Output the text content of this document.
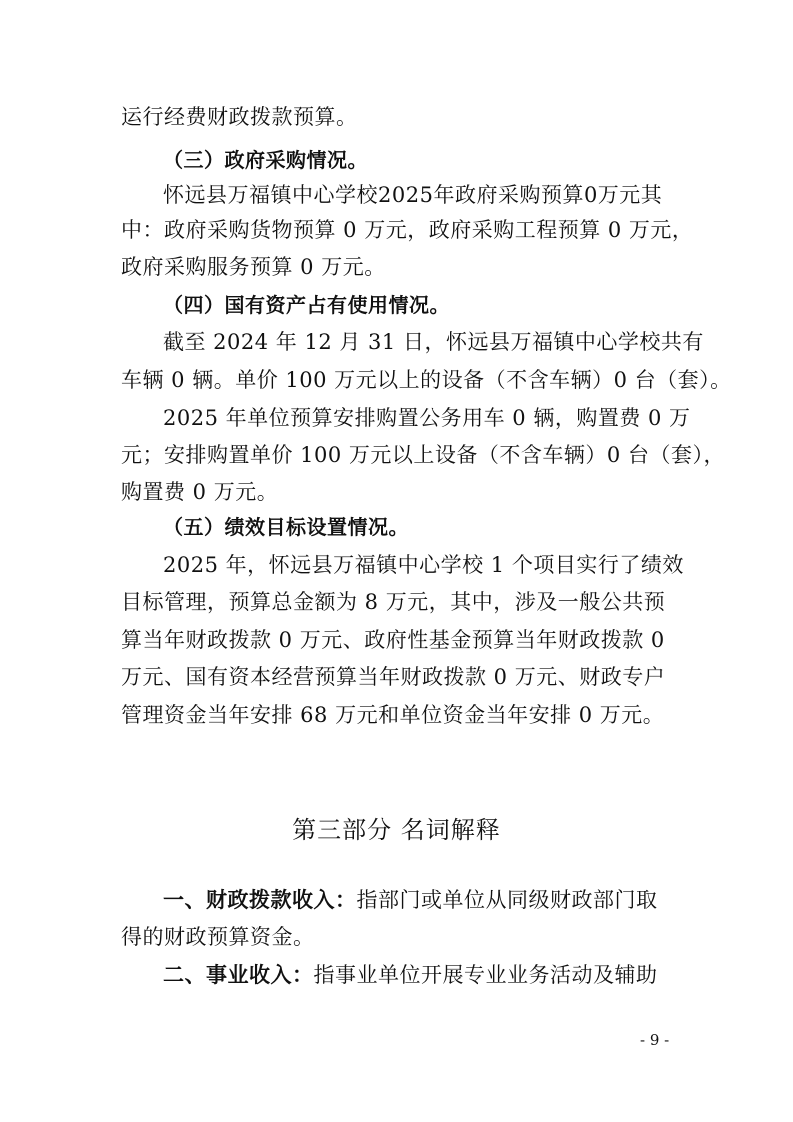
运行经费财政拨款预算。
（三）政府采购情况。
怀远县万福镇中心学校2025年政府采购预算0万元其
中：政府采购货物预算 0 万元，政府采购工程预算 0 万元，
政府采购服务预算 0 万元。
（四）国有资产占有使用情况。
截至 2024 年 12 月 31 日，怀远县万福镇中心学校共有
车辆 0 辆。单价 100 万元以上的设备（不含车辆）0 台（套）。
2025 年单位预算安排购置公务用车 0 辆，购置费 0 万
元；安排购置单价 100 万元以上设备（不含车辆）0 台（套），
购置费 0 万元。
（五）绩效目标设置情况。
2025 年，怀远县万福镇中心学校 1 个项目实行了绩效
目标管理，预算总金额为 8 万元，其中，涉及一般公共预
算当年财政拨款 0 万元、政府性基金预算当年财政拨款 0
万元、国有资本经营预算当年财政拨款 0 万元、财政专户
管理资金当年安排 68 万元和单位资金当年安排 0 万元。
第三部分 名词解释
一、财政拨款收入：指部门或单位从同级财政部门取
得的财政预算资金。
二、事业收入：指事业单位开展专业业务活动及辅助
- 9 -
